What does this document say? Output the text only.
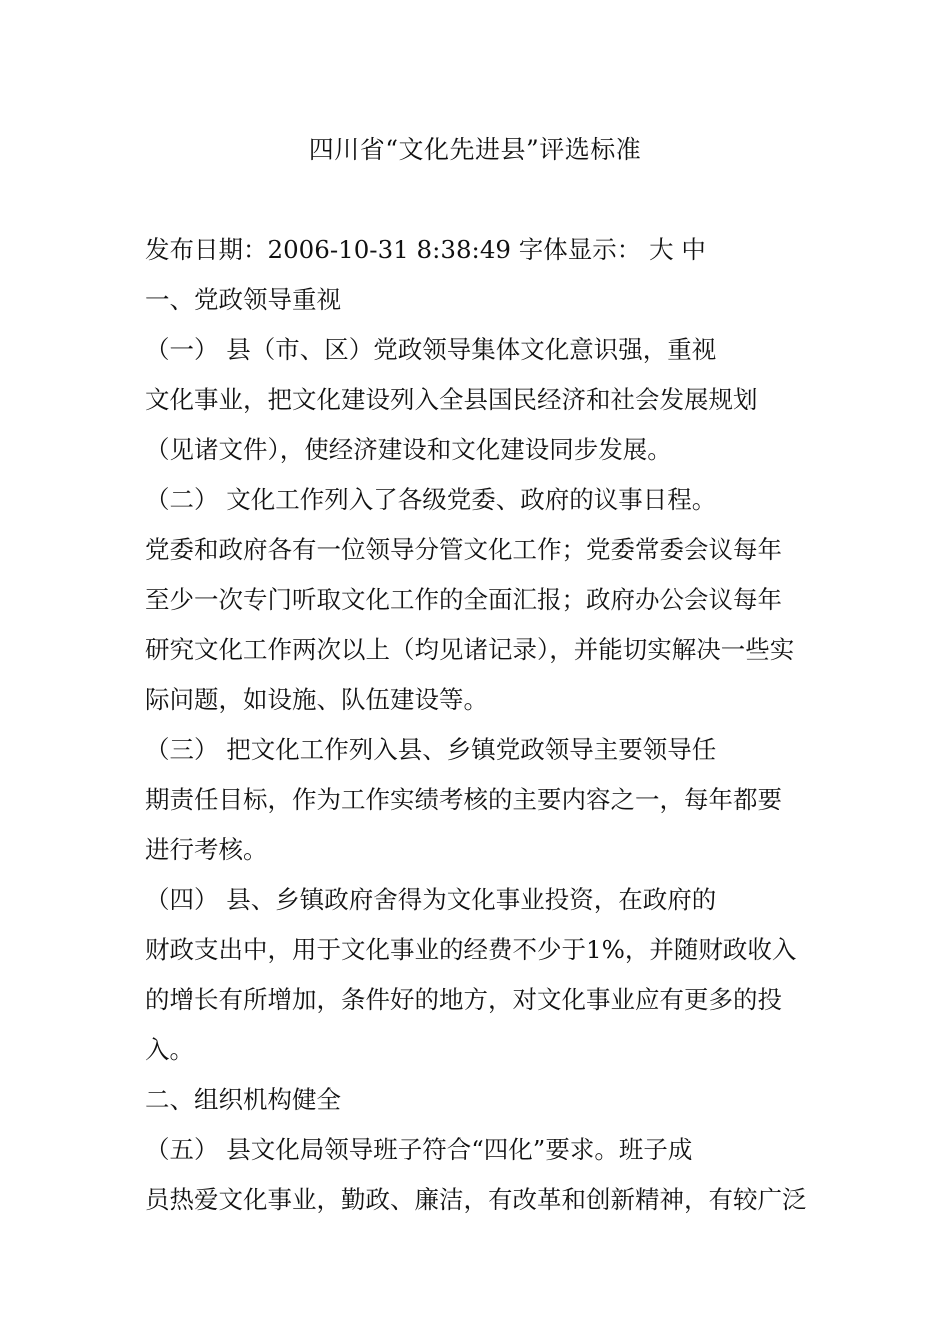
四川省“文化先进县”评选标准
发布日期：2006-10-31 8:38:49 字体显示： 大 中
一、党政领导重视
（一） 县（市、区）党政领导集体文化意识强，重视
文化事业，把文化建设列入全县国民经济和社会发展规划
（见诸文件），使经济建设和文化建设同步发展。
（二） 文化工作列入了各级党委、政府的议事日程。
党委和政府各有一位领导分管文化工作；党委常委会议每年
至少一次专门听取文化工作的全面汇报；政府办公会议每年
研究文化工作两次以上（均见诸记录），并能切实解决一些实
际问题，如设施、队伍建设等。
（三） 把文化工作列入县、乡镇党政领导主要领导任
期责任目标，作为工作实绩考核的主要内容之一，每年都要
进行考核。
（四） 县、乡镇政府舍得为文化事业投资，在政府的
财政支出中，用于文化事业的经费不少于1%，并随财政收入
的增长有所增加，条件好的地方，对文化事业应有更多的投
入。
二、组织机构健全
（五） 县文化局领导班子符合“四化”要求。班子成
员热爱文化事业，勤政、廉洁，有改革和创新精神，有较广泛
